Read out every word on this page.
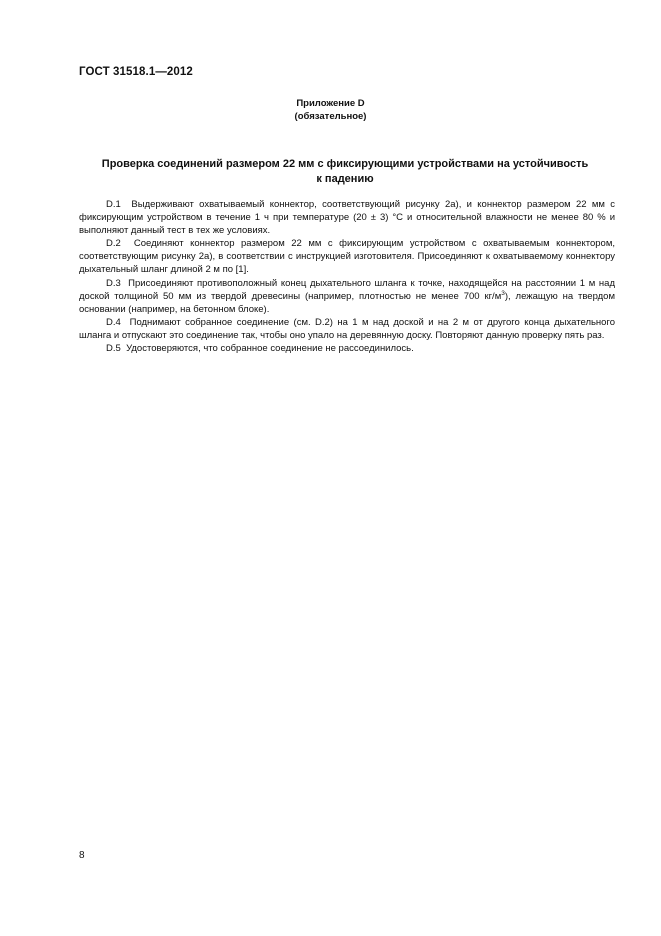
ГОСТ 31518.1—2012
Приложение D
(обязательное)
Проверка соединений размером 22 мм с фиксирующими устройствами на устойчивость
к падению

D.1 Выдерживают охватываемый коннектор, соответствующий рисунку 2а), и коннектор размером 22 мм с фиксирующим устройством в течение 1 ч при температуре (20 ± 3) °С и относительной влажности не менее 80 % и выполняют данный тест в тех же условиях.

D.2 Соединяют коннектор размером 22 мм с фиксирующим устройством с охватываемым коннектором, соответствующим рисунку 2а), в соответствии с инструкцией изготовителя. Присоединяют к охватываемому коннектору дыхательный шланг длиной 2 м по [1].

D.3 Присоединяют противоположный конец дыхательного шланга к точке, находящейся на расстоянии 1 м над доской толщиной 50 мм из твердой древесины (например, плотностью не менее 700 $кг/м^3$), лежащую на твердом основании (например, на бетонном блоке).

D.4 Поднимают собранное соединение (см. D.2) на 1 м над доской и на 2 м от другого конца дыхательного шланга и отпускают это соединение так, чтобы оно упало на деревянную доску. Повторяют данную проверку пять раз.

D.5 Удостоверяются, что собранное соединение не рассоединилось.

8
